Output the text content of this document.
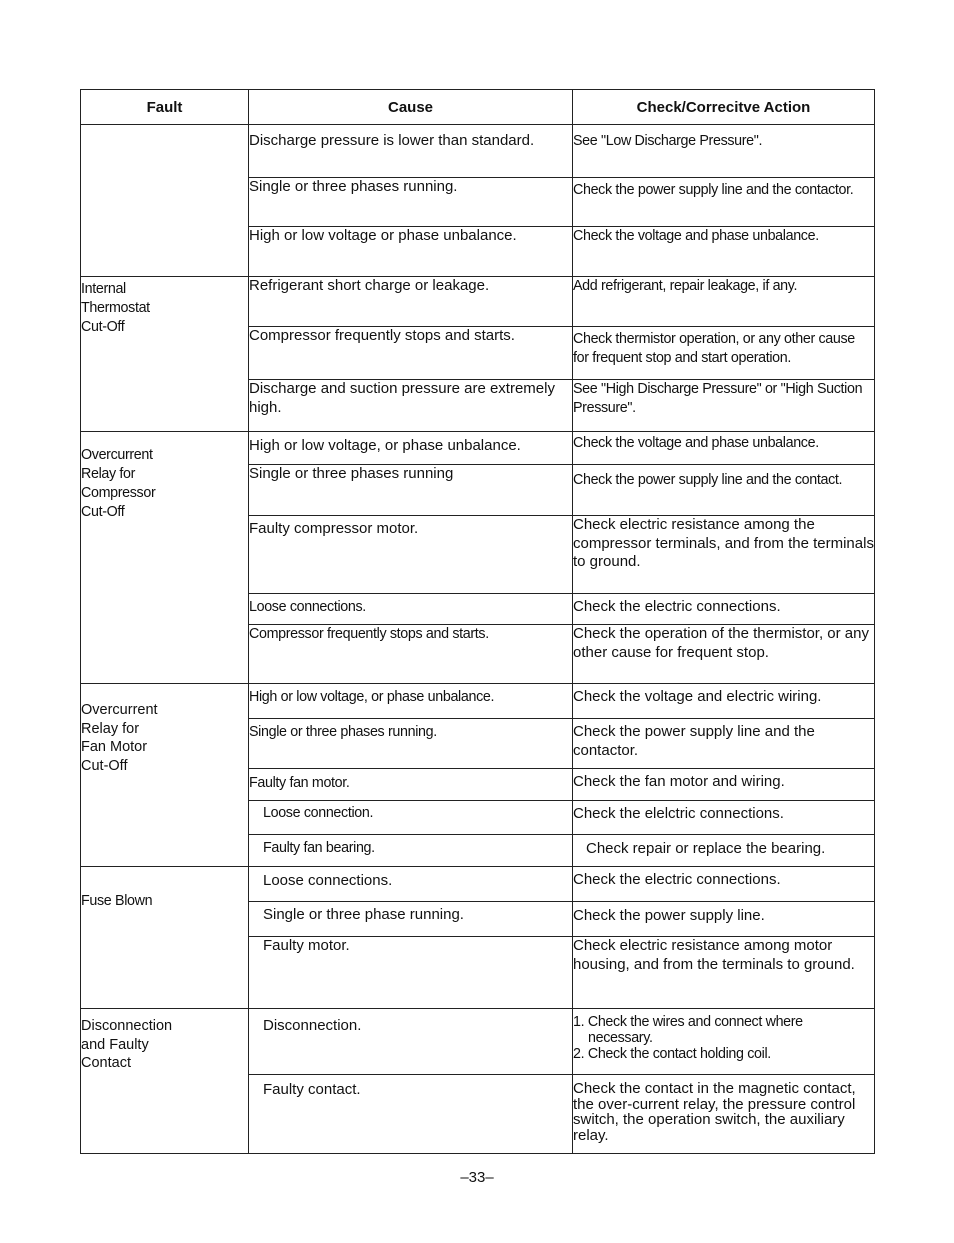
Fault	Cause	Check/Correcitve Action
	Discharge pressure is lower than standard.	See "Low Discharge Pressure".
	Single or three phases running.	Check the power supply line and the contactor.
	High or low voltage or phase unbalance.	Check the voltage and phase unbalance.
Internal
Thermostat
Cut-Off	Refrigerant short charge or leakage.	Add refrigerant, repair leakage, if any.
	Compressor frequently stops and starts.	Check thermistor operation, or any other cause for frequent stop and start operation.
	Discharge and suction pressure are extremely high.	See "High Discharge Pressure" or "High Suction Pressure".
Overcurrent
Relay for
Compressor
Cut-Off	High or low voltage, or phase unbalance.	Check the voltage and phase unbalance.
	Single or three phases running	Check the power supply line and the contact.
	Faulty compressor motor.	Check electric resistance among the compressor terminals, and from the terminals to ground.
	Loose connections.	Check the electric connections.
	Compressor frequently stops and starts.	Check the operation of the thermistor, or any other cause for frequent stop.
Overcurrent
Relay for
Fan Motor
Cut-Off	High or low voltage, or phase unbalance.	Check the voltage and electric wiring.
	Single or three phases running.	Check the power supply line and the contactor.
	Faulty fan motor.	Check the fan motor and wiring.
	Loose connection.	Check the elelctric connections.
	Faulty fan bearing.	Check repair or replace the bearing.
Fuse Blown	Loose connections.	Check the electric connections.
	Single or three phase running.	Check the power supply line.
	Faulty motor.	Check electric resistance among motor housing, and from the terminals to ground.
Disconnection
and Faulty
Contact	Disconnection.	1. Check the wires and connect where
necessary.
2. Check the contact holding coil.

	Faulty contact.	Check the contact in the magnetic contact, the over-current relay, the pressure control switch, the operation switch, the auxiliary relay.
–33–
